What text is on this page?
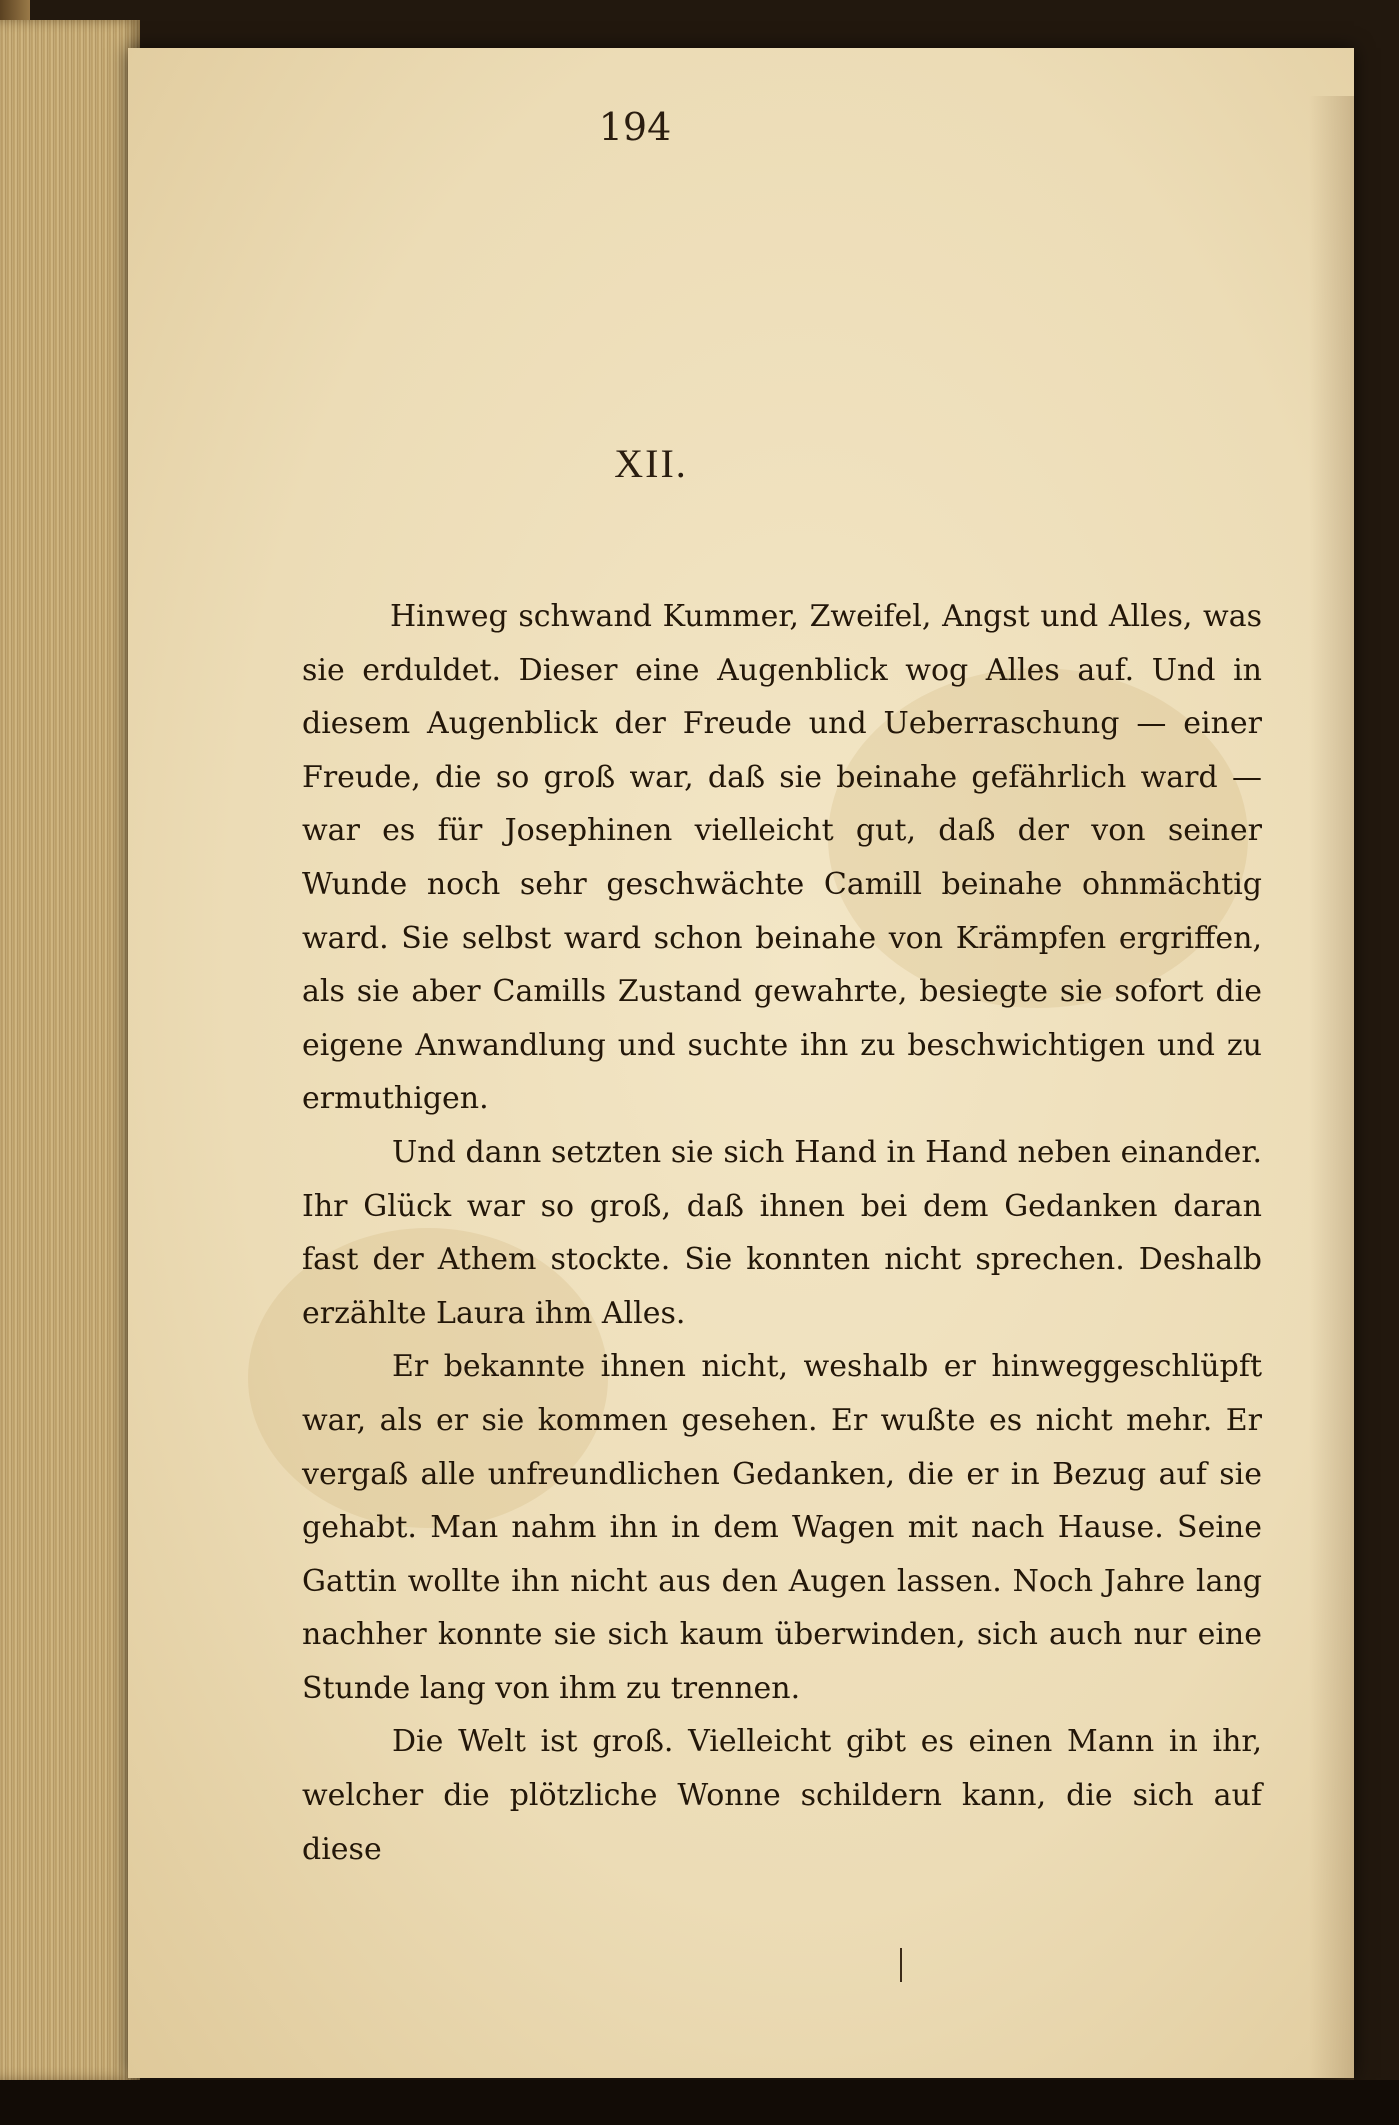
194
XII.

Hinweg schwand Kummer, Zweifel, Angst und Alles, was sie erduldet. Dieser eine Augenblick wog Alles auf. Und in diesem Augenblick der Freude und Ueberraschung — einer Freude, die so groß war, daß sie beinahe gefährlich ward — war es für Josephinen vielleicht gut, daß der von seiner Wunde noch sehr geschwächte Camill beinahe ohnmächtig ward. Sie selbst ward schon beinahe von Krämpfen ergriffen, als sie aber Camills Zustand gewahrte, besiegte sie sofort die eigene Anwandlung und suchte ihn zu beschwichtigen und zu ermuthigen.

Und dann setzten sie sich Hand in Hand neben einander. Ihr Glück war so groß, daß ihnen bei dem Gedanken daran fast der Athem stockte. Sie konnten nicht sprechen. Deshalb erzählte Laura ihm Alles.

Er bekannte ihnen nicht, weshalb er hinweggeschlüpft war, als er sie kommen gesehen. Er wußte es nicht mehr. Er vergaß alle unfreundlichen Gedanken, die er in Bezug auf sie gehabt. Man nahm ihn in dem Wagen mit nach Hause. Seine Gattin wollte ihn nicht aus den Augen lassen. Noch Jahre lang nachher konnte sie sich kaum überwinden, sich auch nur eine Stunde lang von ihm zu trennen.

Die Welt ist groß. Vielleicht gibt es einen Mann in ihr, welcher die plötzliche Wonne schildern kann, die sich auf diese
